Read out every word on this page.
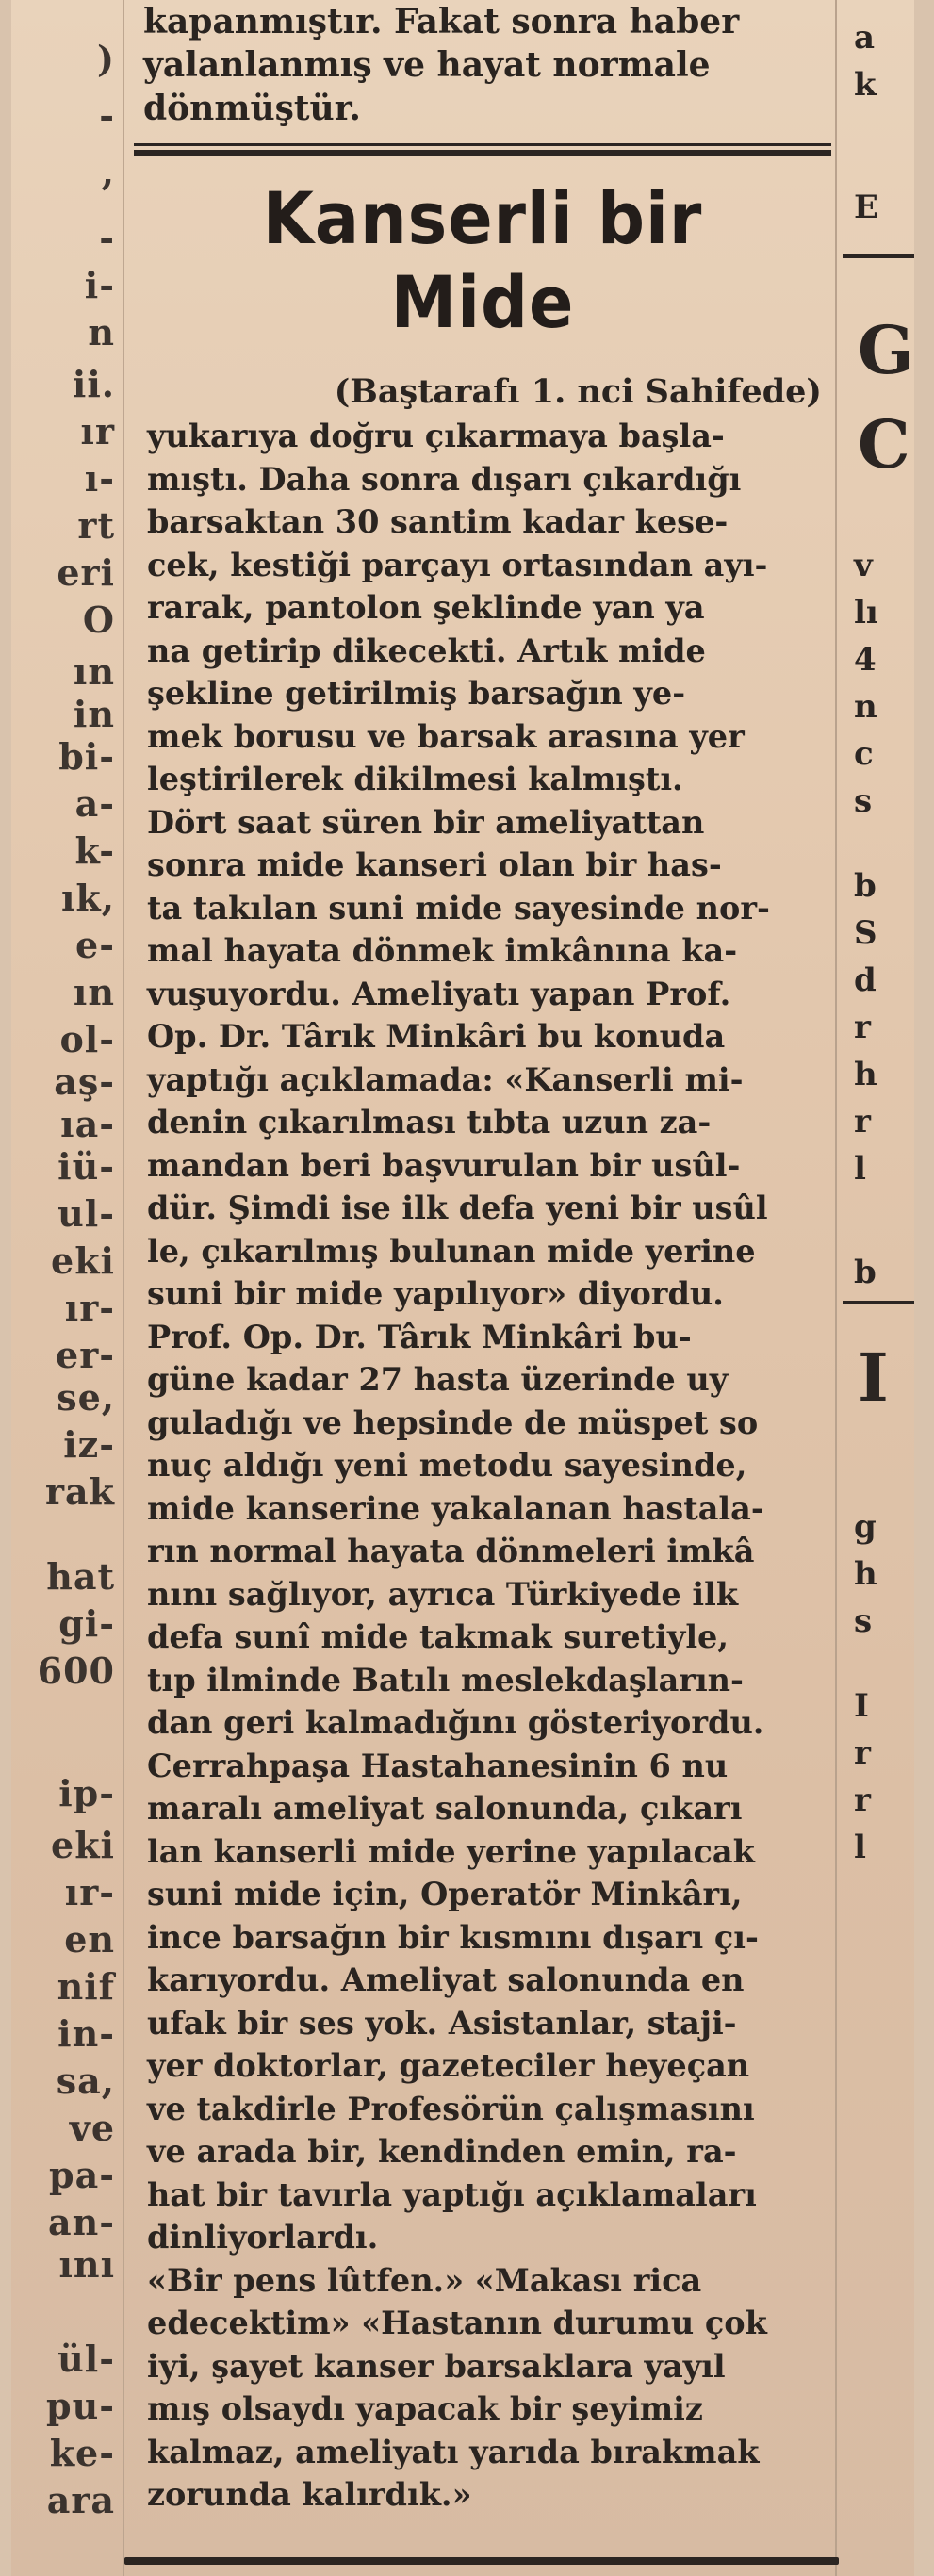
)
-
,
-
i-
n
ii.
ır
ı-
rt
eri
O
ın
in
bi-
a-
k-
ık,
e-
ın
ol-
aş-
ıa-
iü-
ul-
eki
ır-
er-
se,
iz-
rak
hat
gi-
600
ip-
eki
ır-
en
nif
in-
sa,
ve
pa-
an-
ını
ül-
pu-
ke-
ara
a
k
E
G
C
v
lı
4
n
c
s
b
S
d
r
h
r
l
b
I
g
h
s
I
r
r
l

kapanmıştır. Fakat sonra haber
yalanlanmış ve hayat normale
dönmüştür.

Kanserli bir Mide
(Baştarafı 1. nci Sahifede)

yukarıya doğru çıkarmaya başla-
mıştı. Daha sonra dışarı çıkardığı
barsaktan 30 santim kadar kese-
cek, kestiği parçayı ortasından ayı-
rarak, pantolon şeklinde yan ya
na getirip dikecekti. Artık mide
şekline getirilmiş barsağın ye-
mek borusu ve barsak arasına yer
leştirilerek dikilmesi kalmıştı.

Dört saat süren bir ameliyattan
sonra mide kanseri olan bir has-
ta takılan suni mide sayesinde nor-
mal hayata dönmek imkânına ka-
vuşuyordu. Ameliyatı yapan Prof.
Op. Dr. Târık Minkâri bu konuda
yaptığı açıklamada: «Kanserli mi-
denin çıkarılması tıbta uzun za-
mandan beri başvurulan bir usûl-
dür. Şimdi ise ilk defa yeni bir usûl
le, çıkarılmış bulunan mide yerine
suni bir mide yapılıyor» diyordu.

Prof. Op. Dr. Târık Minkâri bu-
güne kadar 27 hasta üzerinde uy
guladığı ve hepsinde de müspet so
nuç aldığı yeni metodu sayesinde,
mide kanserine yakalanan hastala-
rın normal hayata dönmeleri imkâ
nını sağlıyor, ayrıca Türkiyede ilk
defa sunî mide takmak suretiyle,
tıp ilminde Batılı meslekdaşların-
dan geri kalmadığını gösteriyordu.

Cerrahpaşa Hastahanesinin 6 nu
maralı ameliyat salonunda, çıkarı
lan kanserli mide yerine yapılacak
suni mide için, Operatör Minkârı,
ince barsağın bir kısmını dışarı çı-
karıyordu. Ameliyat salonunda en
ufak bir ses yok. Asistanlar, staji-
yer doktorlar, gazeteciler heyeçan
ve takdirle Profesörün çalışmasını
ve arada bir, kendinden emin, ra-
hat bir tavırla yaptığı açıklamaları
dinliyorlardı.

«Bir pens lûtfen.» «Makası rica
edecektim» «Hastanın durumu çok
iyi, şayet kanser barsaklara yayıl
mış olsaydı yapacak bir şeyimiz
kalmaz, ameliyatı yarıda bırakmak
zorunda kalırdık.»
